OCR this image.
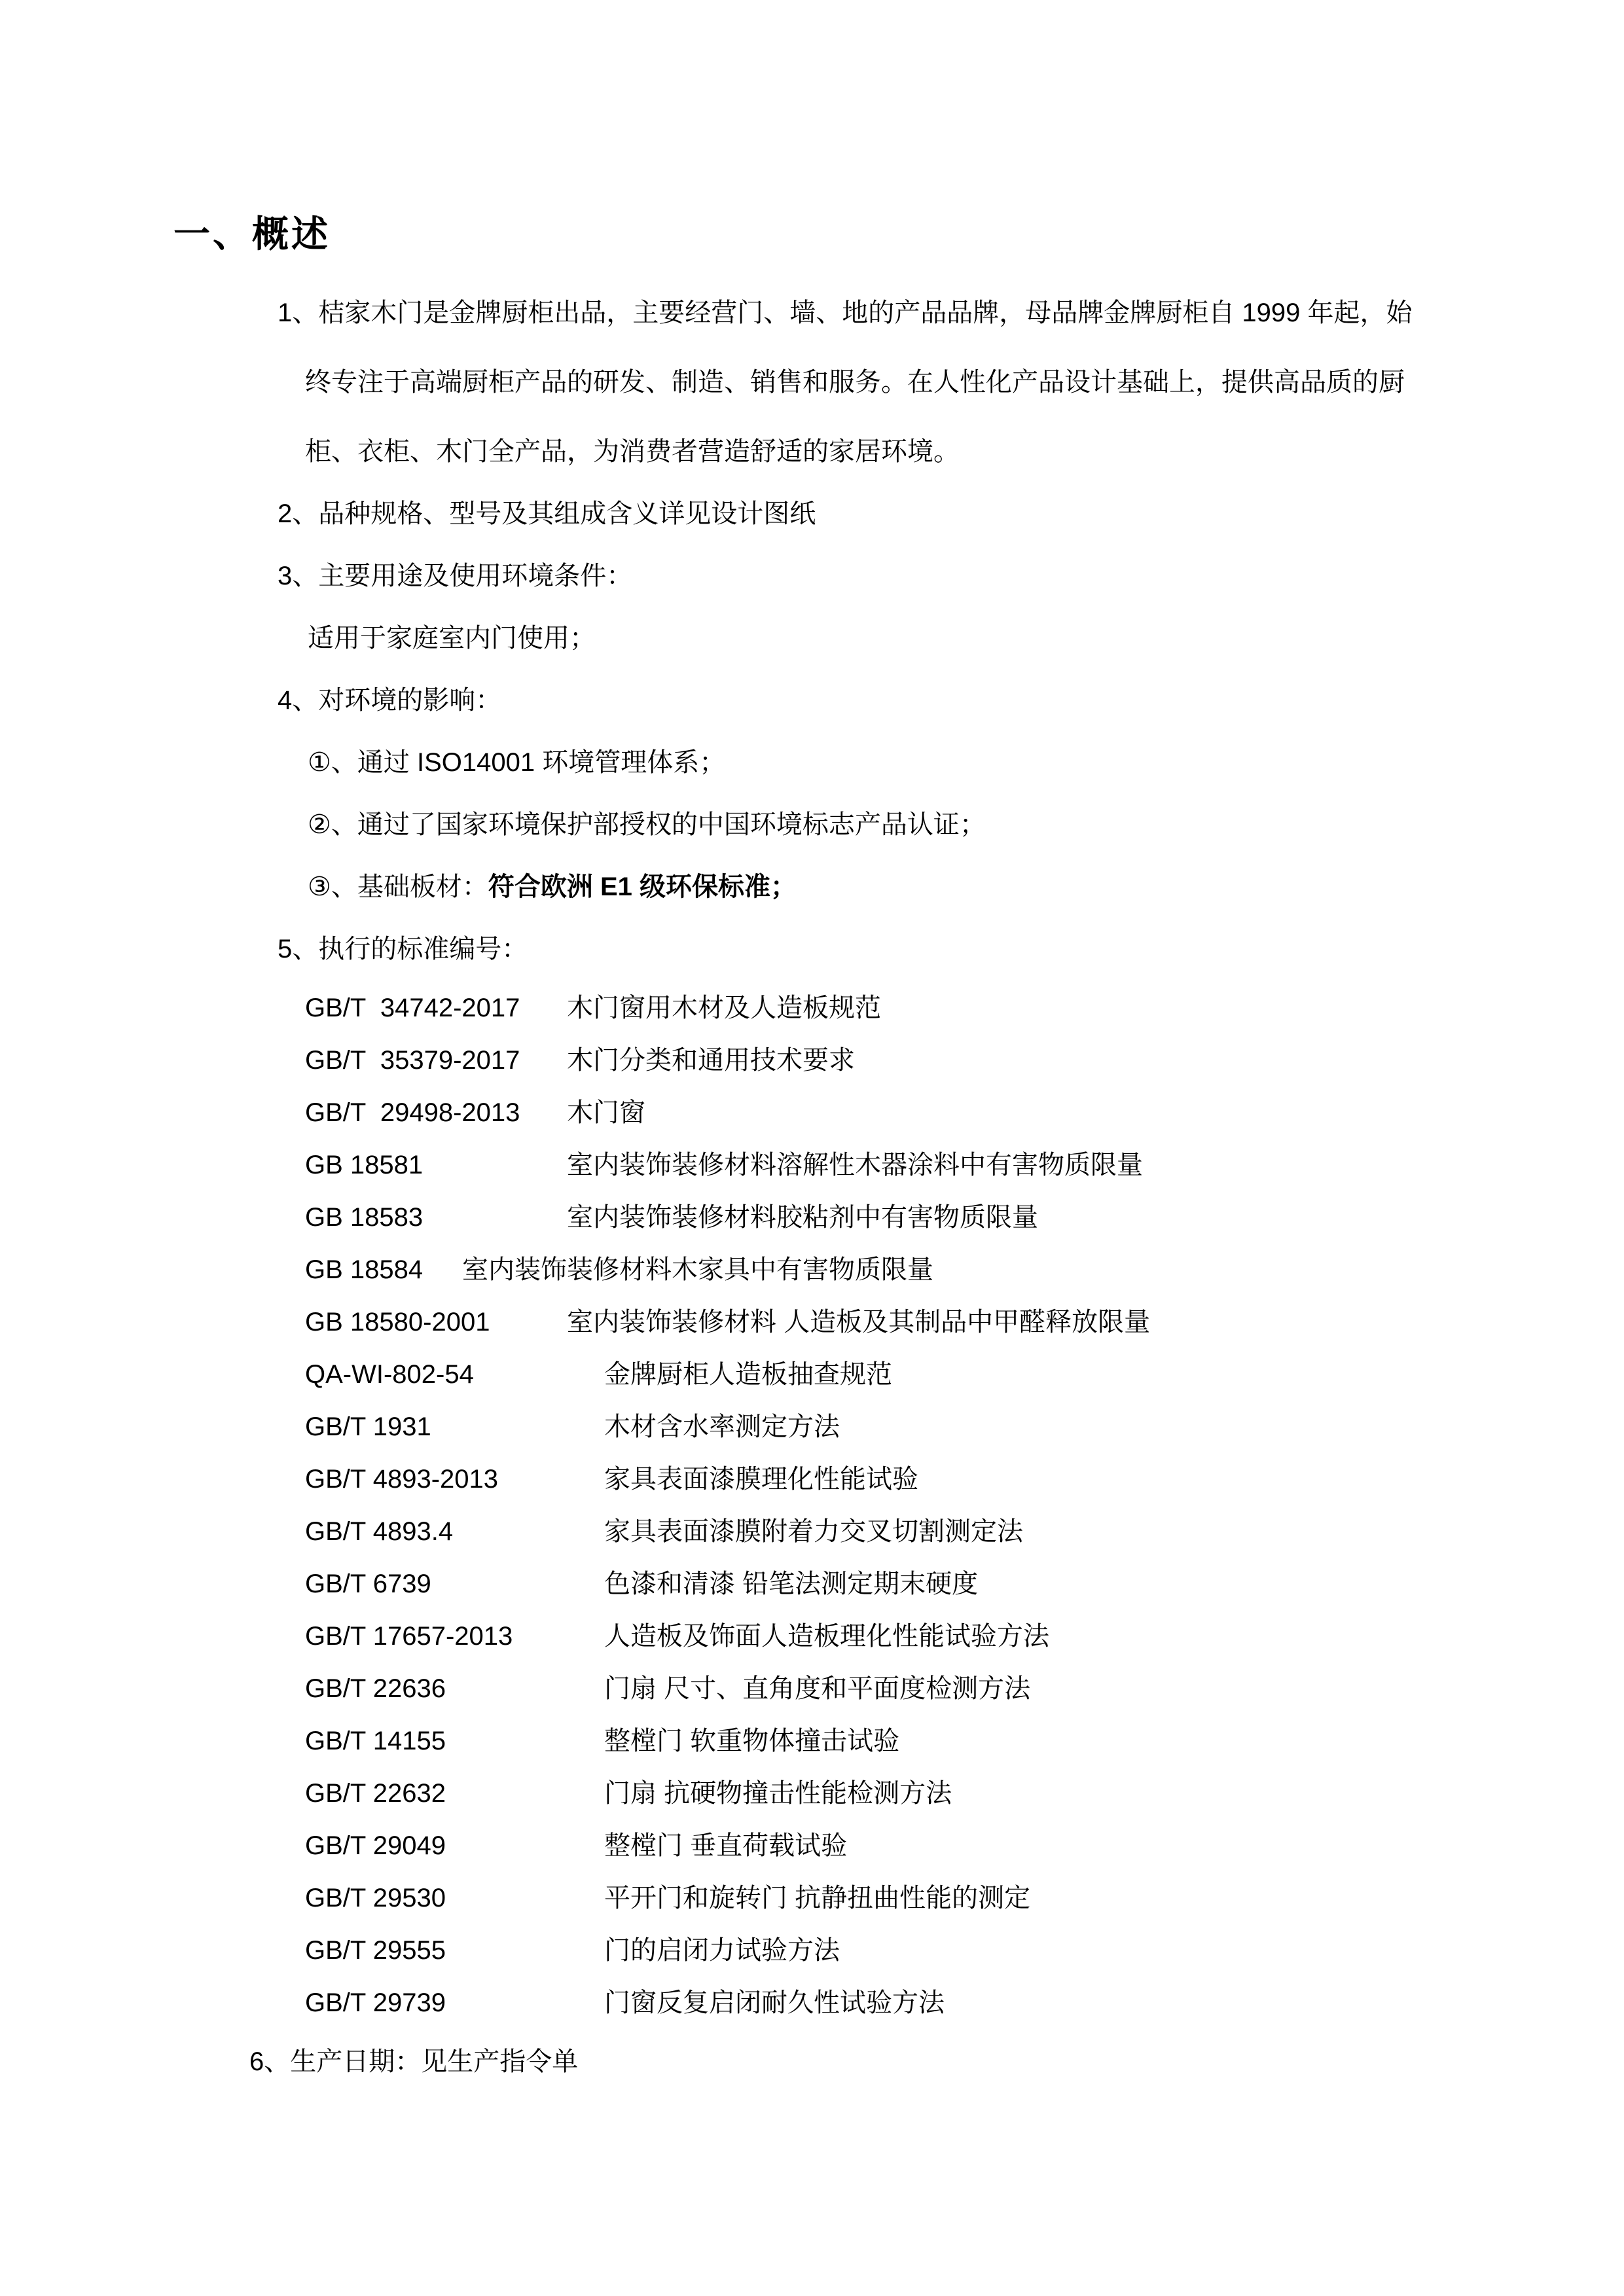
一、概述
1、桔家木门是金牌厨柜出品，主要经营门、墙、地的产品品牌，母品牌金牌厨柜自 1999 年起，始
终专注于高端厨柜产品的研发、制造、销售和服务。在人性化产品设计基础上，提供高品质的厨
柜、衣柜、木门全产品，为消费者营造舒适的家居环境。
2、品种规格、型号及其组成含义详见设计图纸
3、主要用途及使用环境条件：
适用于家庭室内门使用；
4、对环境的影响：
①、通过 ISO14001 环境管理体系；
②、通过了国家环境保护部授权的中国环境标志产品认证；
③、基础板材：符合欧洲 E1 级环保标准；
5、执行的标准编号：
GB/T  34742-2017	木门窗用木材及人造板规范
GB/T  35379-2017	木门分类和通用技术要求
GB/T  29498-2013	木门窗
GB 18581	室内装饰装修材料溶解性木器涂料中有害物质限量
GB 18583	室内装饰装修材料胶粘剂中有害物质限量
GB 18584	室内装饰装修材料木家具中有害物质限量
GB 18580-2001	室内装饰装修材料 人造板及其制品中甲醛释放限量
QA-WI-802-54	金牌厨柜人造板抽查规范
GB/T 1931	木材含水率测定方法
GB/T 4893-2013	家具表面漆膜理化性能试验
GB/T 4893.4	家具表面漆膜附着力交叉切割测定法
GB/T 6739	色漆和清漆 铅笔法测定期末硬度
GB/T 17657-2013	人造板及饰面人造板理化性能试验方法
GB/T 22636	门扇 尺寸、直角度和平面度检测方法
GB/T 14155	整樘门 软重物体撞击试验
GB/T 22632	门扇 抗硬物撞击性能检测方法
GB/T 29049	整樘门 垂直荷载试验
GB/T 29530	平开门和旋转门 抗静扭曲性能的测定
GB/T 29555	门的启闭力试验方法
GB/T 29739	门窗反复启闭耐久性试验方法
6、生产日期：见生产指令单
